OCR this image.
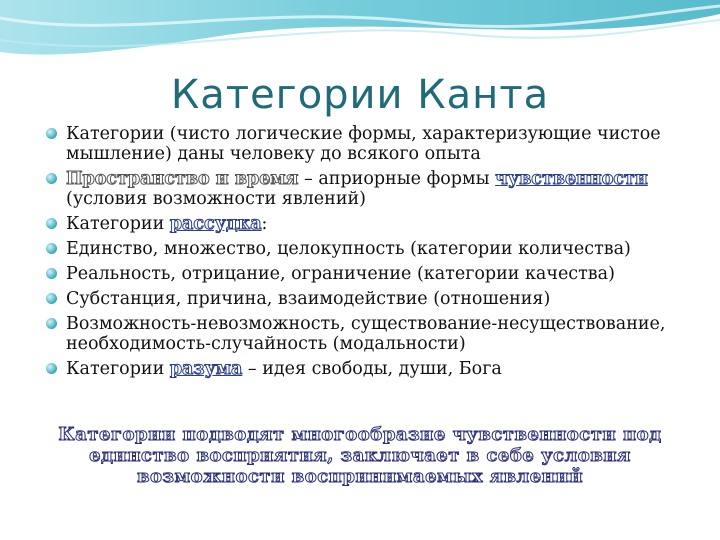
Категории Канта
Категории (чисто логические формы, характеризующие чистое мышление) даны человеку до всякого опыта
Пространство и время – априорные формы чувственности (условия возможности явлений)
Категории рассудка:
Единство, множество, целокупность (категории количества)
Реальность, отрицание, ограничение (категории качества)
Субстанция, причина, взаимодействие (отношения)
Возможность-невозможность, существование-несуществование, необходимость-случайность (модальности)
Категории разума – идея свободы, души, Бога
Категории подводят многообразие чувственности под единство восприятия, заключает в себе условия возможности воспринимаемых явлений
